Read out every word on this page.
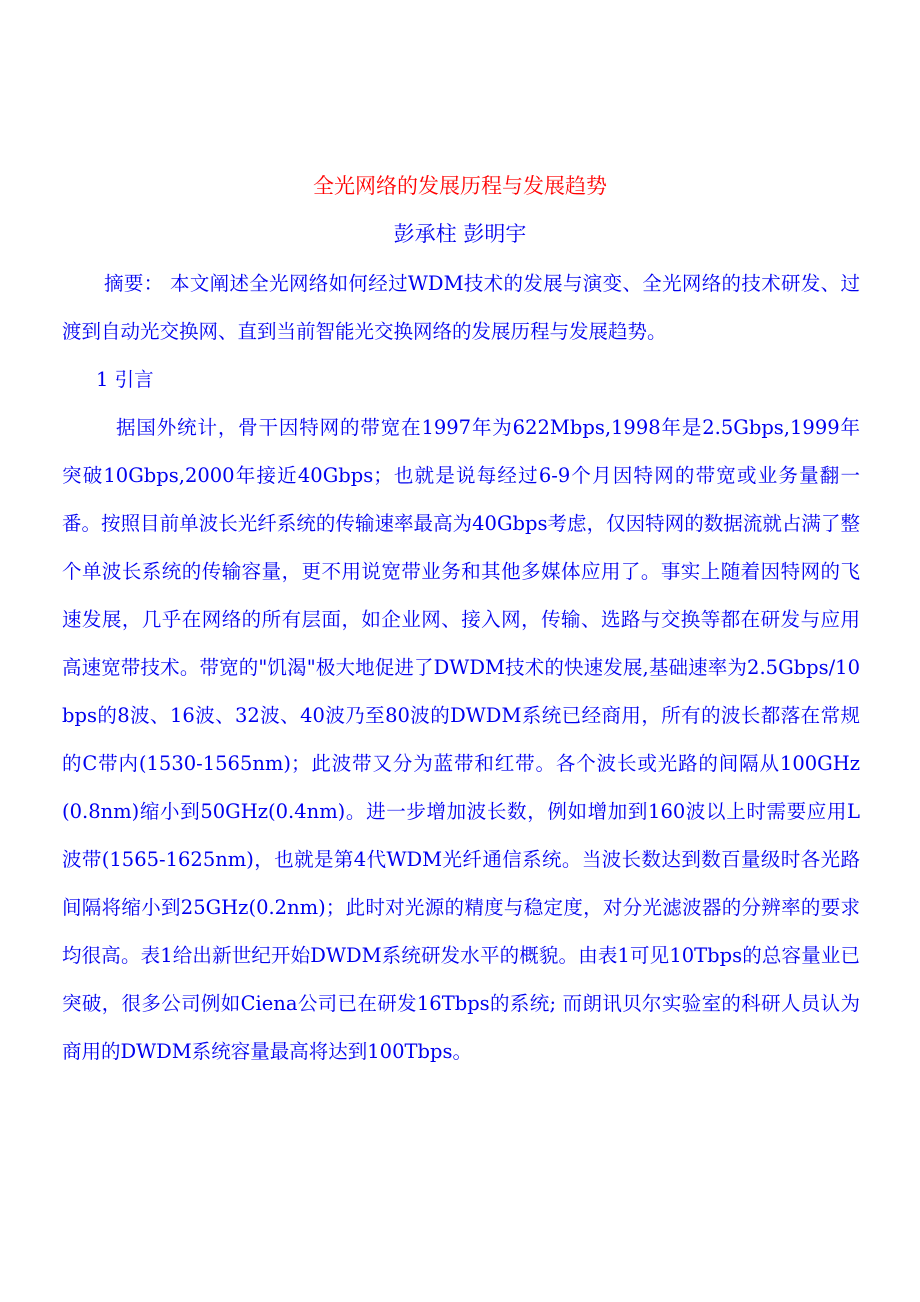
全光网络的发展历程与发展趋势
彭承柱 彭明宇
摘要： 本文阐述全光网络如何经过WDM技术的发展与演变、全光网络的技术研发、过渡到自动光交换网、直到当前智能光交换网络的发展历程与发展趋势。
1 引言
据国外统计，骨干因特网的带宽在1997年为622Mbps,1998年是2.5Gbps,1999年突破10Gbps,2000年接近40Gbps；也就是说每经过6-9个月因特网的带宽或业务量翻一番。按照目前单波长光纤系统的传输速率最高为40Gbps考虑，仅因特网的数据流就占满了整个单波长系统的传输容量，更不用说宽带业务和其他多媒体应用了。事实上随着因特网的飞速发展，几乎在网络的所有层面，如企业网、接入网，传输、选路与交换等都在研发与应用高速宽带技术。带宽的"饥渴"极大地促进了DWDM技术的快速发展,基础速率为2.5Gbps/10bps的8波、16波、32波、40波乃至80波的DWDM系统已经商用，所有的波长都落在常规的C带内(1530-1565nm)；此波带又分为蓝带和红带。各个波长或光路的间隔从100GHz(0.8nm)缩小到50GHz(0.4nm)。进一步增加波长数，例如增加到160波以上时需要应用L波带(1565-1625nm)，也就是第4代WDM光纤通信系统。当波长数达到数百量级时各光路间隔将缩小到25GHz(0.2nm)；此时对光源的精度与稳定度，对分光滤波器的分辨率的要求均很高。表1给出新世纪开始DWDM系统研发水平的概貌。由表1可见10Tbps的总容量业已突破，很多公司例如Ciena公司已在研发16Tbps的系统; 而朗讯贝尔实验室的科研人员认为商用的DWDM系统容量最高将达到100Tbps。
